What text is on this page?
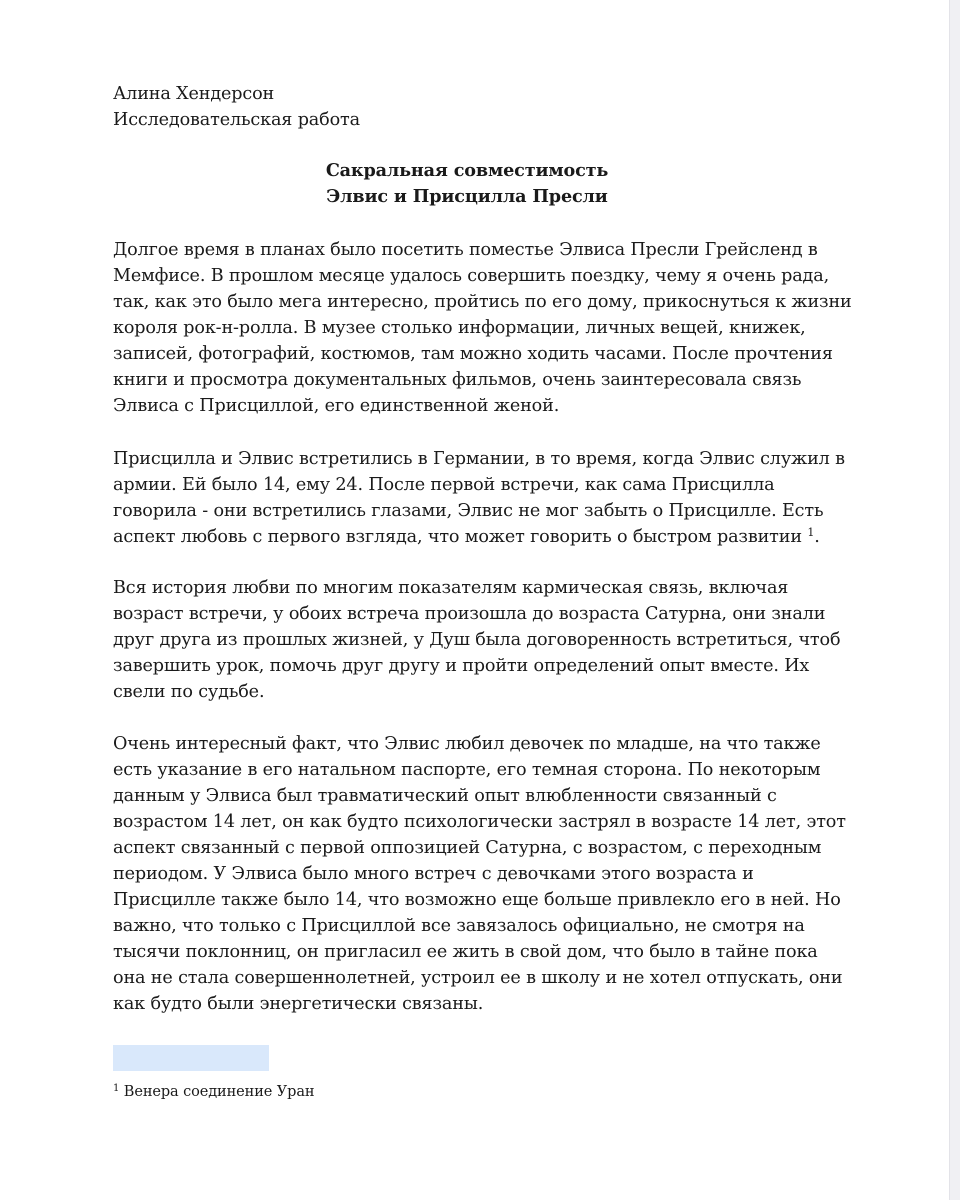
Алина Хендерсон
Исследовательская работа
Сакральная совместимость
Элвис и Присцилла Пресли

Долгое время в планах было посетить поместье Элвиса Пресли Грейсленд в

Мемфисе. В прошлом месяце удалось совершить поездку, чему я очень рада,

так, как это было мега интересно, пройтись по его дому, прикоснуться к жизни

короля рок-н-ролла. В музее столько информации, личных вещей, книжек,

записей, фотографий, костюмов, там можно ходить часами. После прочтения

книги и просмотра документальных фильмов, очень заинтересовала связь

Элвиса с Присциллой, его единственной женой.

Присцилла и Элвис встретились в Германии, в то время, когда Элвис служил в

армии. Ей было 14, ему 24. После первой встречи, как сама Присцилла

говорила - они встретились глазами, Элвис не мог забыть о Присцилле. Есть

аспект любовь с первого взгляда, что может говорить о быстром развитии $^1$.

Вся история любви по многим показателям кармическая связь, включая

возраст встречи, у обоих встреча произошла до возраста Сатурна, они знали

друг друга из прошлых жизней, у Душ была договоренность встретиться, чтоб

завершить урок, помочь друг другу и пройти определений опыт вместе. Их

свели по судьбе.

Очень интересный факт, что Элвис любил девочек по младше, на что также

есть указание в его натальном паспорте, его темная сторона. По некоторым

данным у Элвиса был травматический опыт влюбленности связанный с

возрастом 14 лет, он как будто психологически застрял в возрасте 14 лет, этот

аспект связанный с первой оппозицией Сатурна, с возрастом, с переходным

периодом. У Элвиса было много встреч с девочками этого возраста и

Присцилле также было 14, что возможно еще больше привлекло его в ней. Но

важно, что только с Присциллой все завязалось официально, не смотря на

тысячи поклонниц, он пригласил ее жить в свой дом, что было в тайне пока

она не стала совершеннолетней, устроил ее в школу и не хотел отпускать, они

как будто были энергетически связаны.

$^1$ Венера соединение Уран
